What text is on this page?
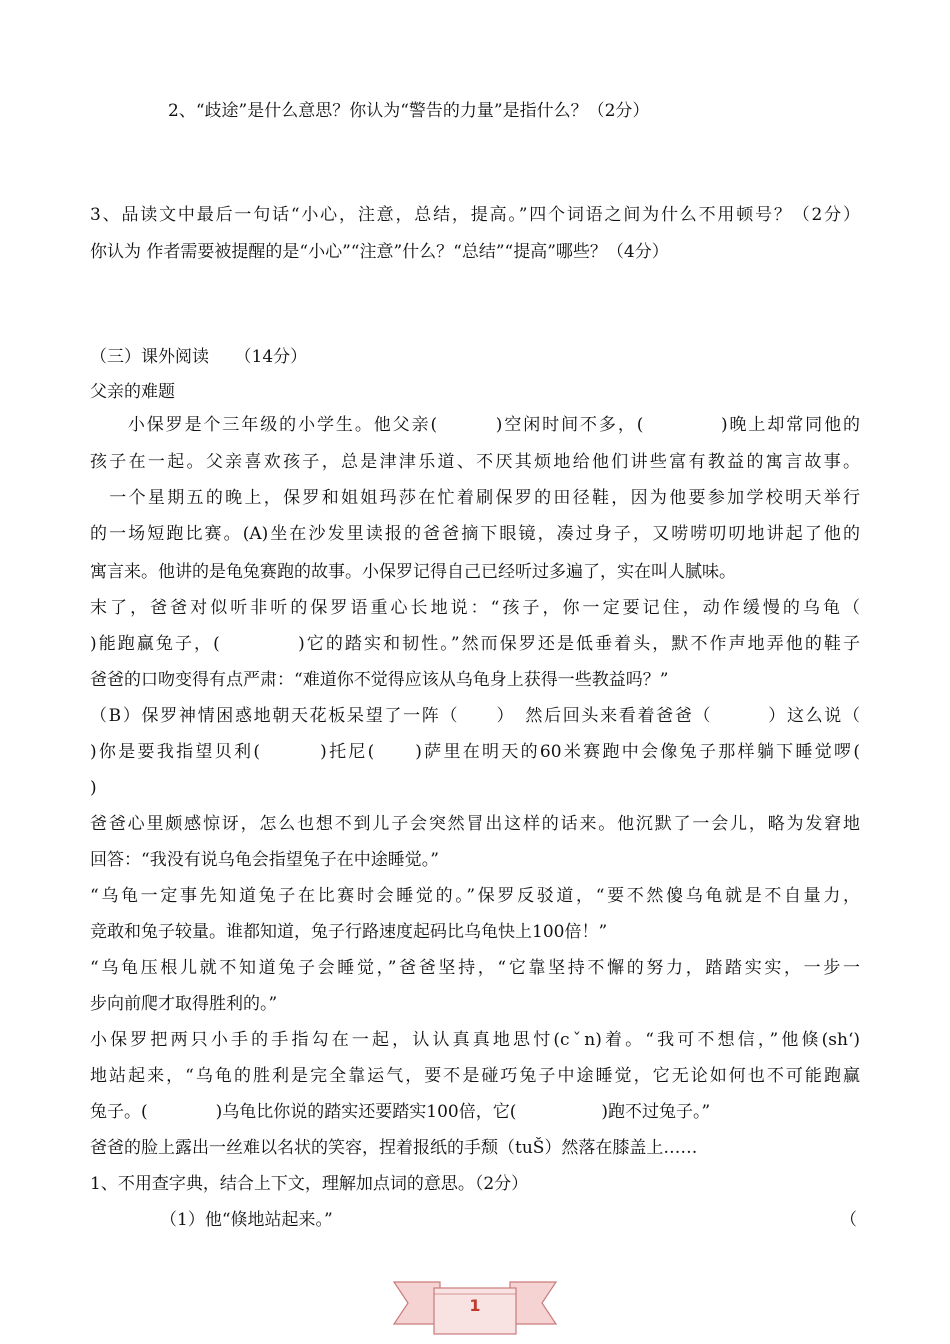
2、“歧途”是什么意思？你认为“警告的力量”是指什么？（2分）
3、品读文中最后一句话“小心，注意，总结，提高。”四个词语之间为什么不用顿号？（2分）
你认为 作者需要被提醒的是“小心”“注意”什么？“总结”“提高”哪些？（4分）
（三）课外阅读　　（14分）
父亲的难题
　　小保罗是个三年级的小学生。他父亲(　　　)空闲时间不多，(　　　　)晚上却常同他的
孩子在一起。父亲喜欢孩子，总是津津乐道、不厌其烦地给他们讲些富有教益的寓言故事。
　一个星期五的晚上，保罗和姐姐玛莎在忙着刷保罗的田径鞋，因为他要参加学校明天举行
的一场短跑比赛。(A)坐在沙发里读报的爸爸摘下眼镜，凑过身子，又唠唠叨叨地讲起了他的
寓言来。他讲的是龟兔赛跑的故事。小保罗记得自己已经听过多遍了，实在叫人腻味。
末了，爸爸对似听非听的保罗语重心长地说：“孩子，你一定要记住，动作缓慢的乌龟（
)能跑赢兔子，(　　　　)它的踏实和韧性。”然而保罗还是低垂着头，默不作声地弄他的鞋子
爸爸的口吻变得有点严肃：“难道你不觉得应该从乌龟身上获得一些教益吗？”
（B）保罗神情困惑地朝天花板呆望了一阵（　　）　然后回头来看着爸爸（　　　）这么说（
)你是要我指望贝利(　　　)托尼(　　)萨里在明天的60米赛跑中会像兔子那样躺下睡觉啰(
)
爸爸心里颇感惊讶，怎么也想不到儿子会突然冒出这样的话来。他沉默了一会儿，略为发窘地
回答：“我没有说乌龟会指望兔子在中途睡觉。”
“乌龟一定事先知道兔子在比赛时会睡觉的。”保罗反驳道，“要不然傻乌龟就是不自量力，
竞敢和兔子较量。谁都知道，兔子行路速度起码比乌龟快上100倍！”
“乌龟压根儿就不知道兔子会睡觉，”爸爸坚持，“它靠坚持不懈的努力，踏踏实实，一步一
步向前爬才取得胜利的。”
小保罗把两只小手的手指勾在一起，认认真真地思忖(cˇn)着。“我可不想信，”他倏(sh‘)
地站起来，“乌龟的胜利是完全靠运气，要不是碰巧兔子中途睡觉，它无论如何也不可能跑赢
兔子。(　　　　)乌龟比你说的踏实还要踏实100倍，它(　　　　　)跑不过兔子。”
爸爸的脸上露出一丝难以名状的笑容，捏着报纸的手颓（tuŠ）然落在膝盖上……
1、不用查字典，结合上下文，理解加点词的意思。（2分）
（1）他“倏地站起来。”	（
1
